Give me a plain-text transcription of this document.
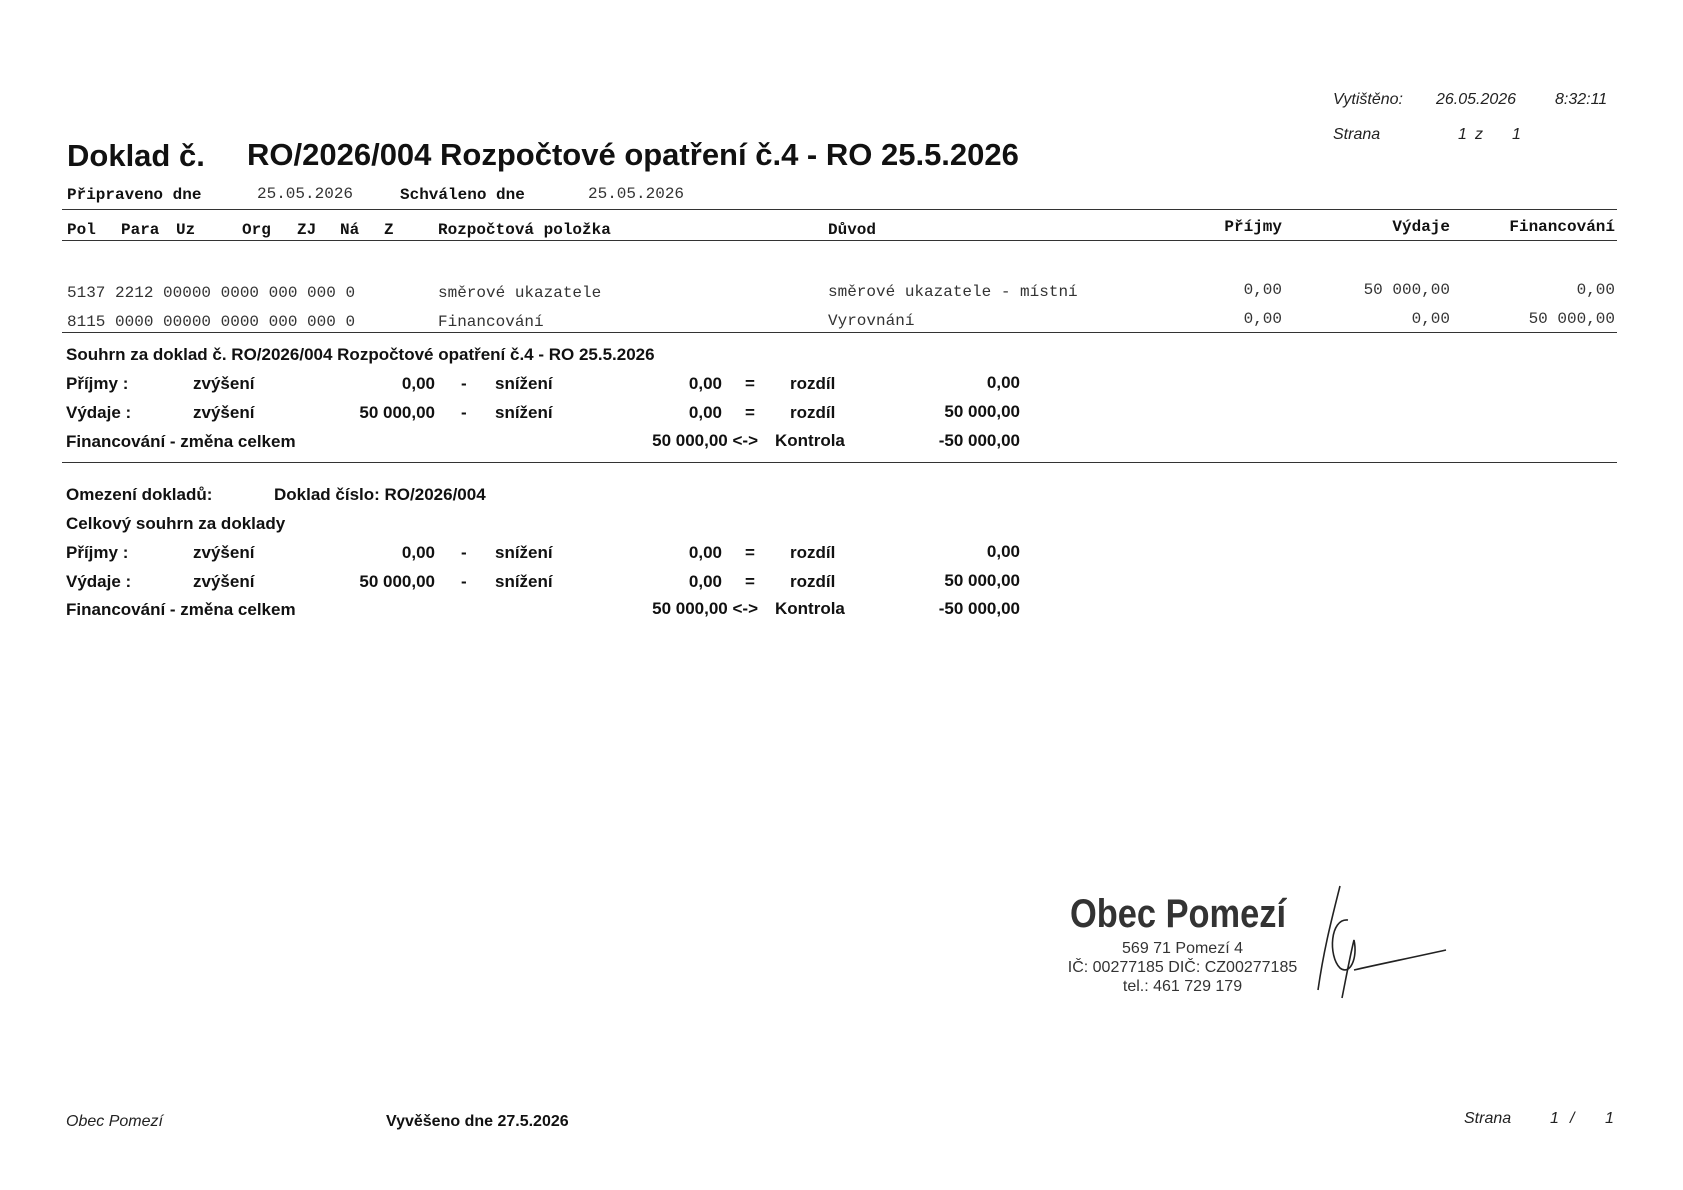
Vytištěno: 26.05.2026 8:32:11
Strana	1 z 1
Doklad č. RO/2026/004 Rozpočtové opatření č.4 - RO 25.5.2026
Připraveno dne	25.05.2026	Schváleno dne	25.05.2026
Pol Para Uz	Org ZJ Ná Z	Rozpočtová položka	Důvod	Příjmy	Výdaje	Financování
5137 2212 00000 0000 000 000 0	směrové ukazatele	směrové ukazatele - místní	0,00	50 000,00	0,00
8115 0000 00000 0000 000 000 0	Financování	Vyrovnání	0,00	0,00	50 000,00
Souhrn za doklad č. RO/2026/004 Rozpočtové opatření č.4 - RO 25.5.2026
Příjmy :	zvýšení	0,00 - snížení	0,00 = rozdíl	0,00
Výdaje :	zvýšení	50 000,00 - snížení	0,00 = rozdíl	50 000,00
Financování - změna celkem	50 000,00 <-> Kontrola	-50 000,00
Omezení dokladů:	Doklad číslo: RO/2026/004
Celkový souhrn za doklady
Příjmy :	zvýšení	0,00 - snížení	0,00 = rozdíl	0,00
Výdaje :	zvýšení	50 000,00 - snížení	0,00 = rozdíl	50 000,00
Financování - změna celkem	50 000,00 <-> Kontrola	-50 000,00
Obec Pomezí
569 71 Pomezí 4
IČ: 00277185 DIČ: CZ00277185
tel.: 461 729 179
Obec Pomezí	Vyvěšeno dne 27.5.2026	Strana 1 / 1
